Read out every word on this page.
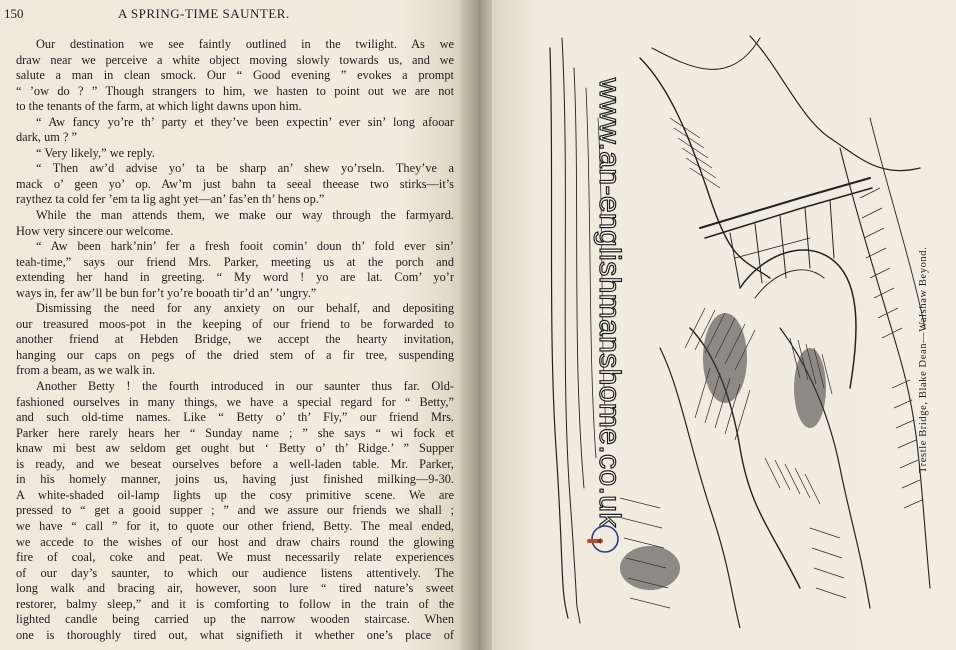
150	A SPRING-TIME SAUNTER.
Our destination we see faintly outlined in the twilight. As we
draw near we perceive a white object moving slowly towards us, and we
salute a man in clean smock. Our “ Good evening ” evokes a prompt
“ ’ow do ? ” Though strangers to him, we hasten to point out we are not
to the tenants of the farm, at which light dawns upon him.
“ Aw fancy yo’re th’ party et they’ve been expectin’ ever sin’ long afooar
dark, um ? ”
“ Very likely,” we reply.
“ Then aw’d advise yo’ ta be sharp an’ shew yo’rseln. They’ve a
mack o’ geen yo’ op. Aw’m just bahn ta seeal theease two stirks—it’s
raythez ta cold fer ’em ta lig aght yet—an’ fas’en th’ hens op.”
While the man attends them, we make our way through the farmyard.
How very sincere our welcome.
“ Aw been hark’nin’ fer a fresh fooit comin’ doun th’ fold ever sin’
teah-time,” says our friend Mrs. Parker, meeting us at the porch and
extending her hand in greeting. “ My word ! yo are lat. Com’ yo’r
ways in, fer aw’ll be bun for’t yo’re booath tir’d an’ ’ungry.”
Dismissing the need for any anxiety on our behalf, and depositing
our treasured moos-pot in the keeping of our friend to be forwarded to
another friend at Hebden Bridge, we accept the hearty invitation,
hanging our caps on pegs of the dried stem of a fir tree, suspending
from a beam, as we walk in.
Another Betty ! the fourth introduced in our saunter thus far. Old-
fashioned ourselves in many things, we have a special regard for “ Betty,”
and such old-time names. Like “ Betty o’ th’ Fly,” our friend Mrs.
Parker here rarely hears her “ Sunday name ; ” she says “ wi fock et
knaw mi best aw seldom get ought but ‘ Betty o’ th’ Ridge.’ ” Supper
is ready, and we beseat ourselves before a well-laden table. Mr. Parker,
in his homely manner, joins us, having just finished milking—9-30.
A white-shaded oil-lamp lights up the cosy primitive scene. We are
pressed to “ get a gooid supper ; ” and we assure our friends we shall ;
we have “ call ” for it, to quote our other friend, Betty. The meal ended,
we accede to the wishes of our host and draw chairs round the glowing
fire of coal, coke and peat. We must necessarily relate experiences
of our day’s saunter, to which our audience listens attentively. The
long walk and bracing air, however, soon lure “ tired nature’s sweet
restorer, balmy sleep,” and it is comforting to follow in the train of the
lighted candle being carried up the narrow wooden staircase. When
one is thoroughly tired out, what signifieth it whether one’s place of
Trestle Bridge, Blake Dean—Walshaw Beyond.
www.an-englishmanshome.co.uk
